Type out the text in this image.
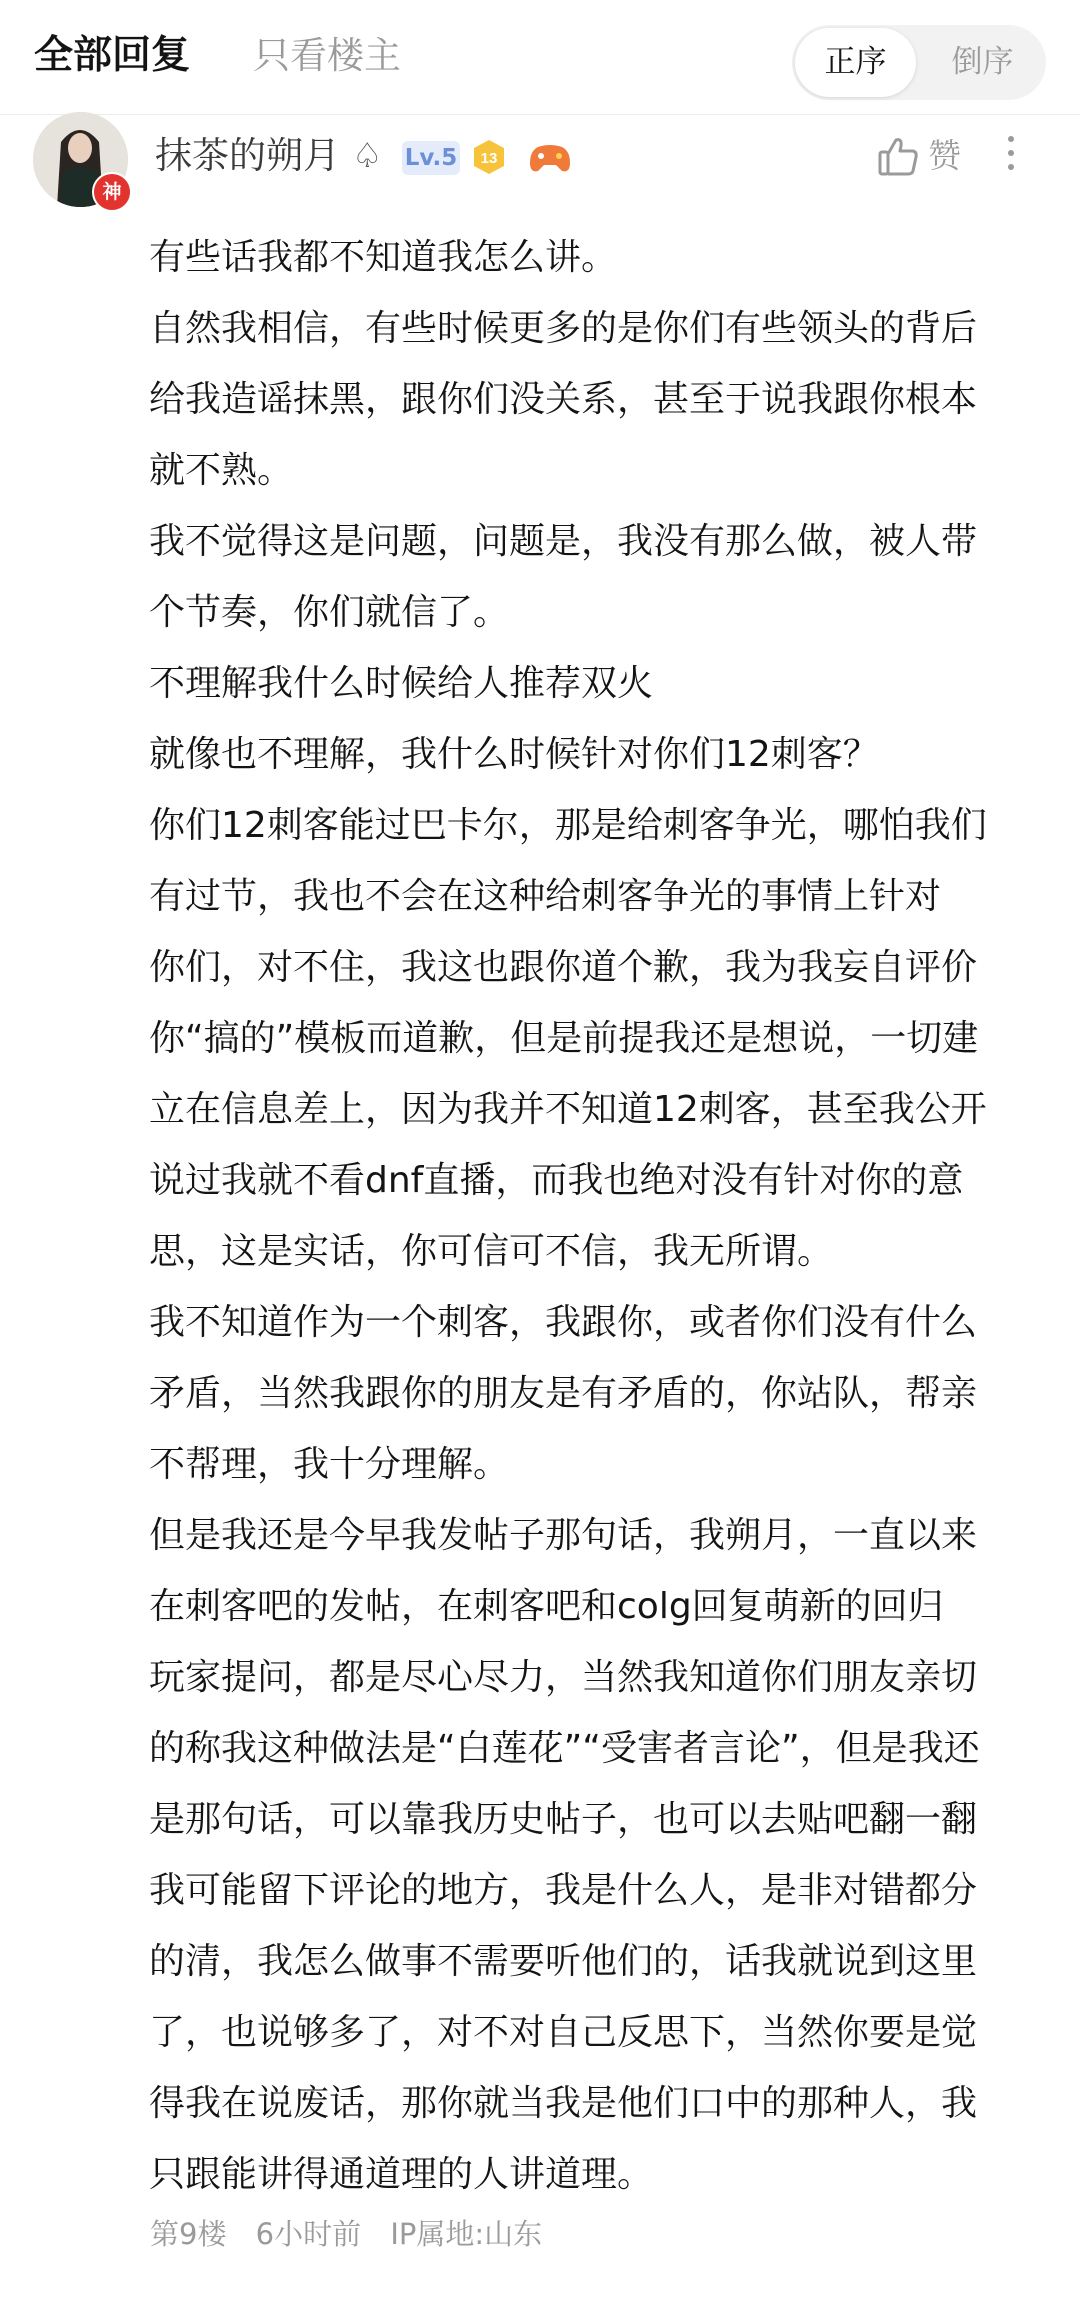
全部回复 只看楼主	正序	倒序
神
抹茶的朔月 ♤ Lv.5 13	赞

有些话我都不知道我怎么讲。

自然我相信，有些时候更多的是你们有些领头的背后

给我造谣抹黑，跟你们没关系，甚至于说我跟你根本

就不熟。

我不觉得这是问题，问题是，我没有那么做，被人带

个节奏，你们就信了。

不理解我什么时候给人推荐双火

就像也不理解，我什么时候针对你们12刺客？

你们12刺客能过巴卡尔，那是给刺客争光，哪怕我们

有过节，我也不会在这种给刺客争光的事情上针对

你们，对不住，我这也跟你道个歉，我为我妄自评价

你“搞的”模板而道歉，但是前提我还是想说，一切建

立在信息差上，因为我并不知道12刺客，甚至我公开

说过我就不看dnf直播，而我也绝对没有针对你的意

思，这是实话，你可信可不信，我无所谓。

我不知道作为一个刺客，我跟你，或者你们没有什么

矛盾，当然我跟你的朋友是有矛盾的，你站队，帮亲

不帮理，我十分理解。

但是我还是今早我发帖子那句话，我朔月，一直以来

在刺客吧的发帖，在刺客吧和colg回复萌新的回归

玩家提问，都是尽心尽力，当然我知道你们朋友亲切

的称我这种做法是“白莲花”“受害者言论”，但是我还

是那句话，可以靠我历史帖子，也可以去贴吧翻一翻

我可能留下评论的地方，我是什么人，是非对错都分

的清，我怎么做事不需要听他们的，话我就说到这里

了，也说够多了，对不对自己反思下，当然你要是觉

得我在说废话，那你就当我是他们口中的那种人，我

只跟能讲得通道理的人讲道理。

第9楼 6小时前 IP属地:山东
